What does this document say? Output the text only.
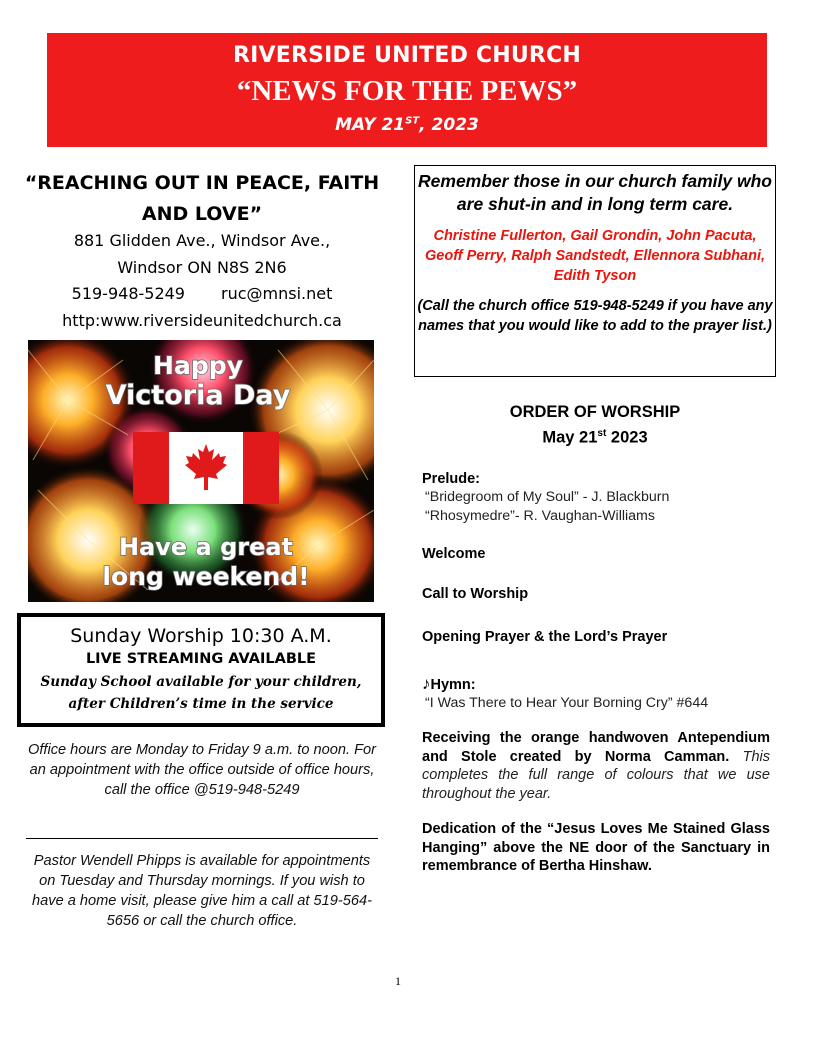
RIVERSIDE UNITED CHURCH
“NEWS FOR THE PEWS”
MAY 21ST, 2023
“REACHING OUT IN PEACE, FAITH AND LOVE”
881 Glidden Ave., Windsor Ave.,
Windsor ON N8S 2N6
519-948-5249 ruc@mnsi.net
http:www.riversideunitedchurch.ca
Happy
Victoria Day
Have a great
long weekend!
Sunday Worship 10:30 A.M.
LIVE STREAMING AVAILABLE
Sunday School available for your children,
after Children’s time in the service
Office hours are Monday to Friday 9 a.m. to noon. For an appointment with the office outside of office hours, call the office @519-948-5249
Pastor Wendell Phipps is available for appointments on Tuesday and Thursday mornings. If you wish to have a home visit, please give him a call at 519-564-5656 or call the church office.
Remember those in our church family who are shut-in and in long term care.
Christine Fullerton, Gail Grondin, John Pacuta, Geoff Perry, Ralph Sandstedt, Ellennora Subhani, Edith Tyson
(Call the church office 519-948-5249 if you have any names that you would like to add to the prayer list.)
ORDER OF WORSHIP
May 21st 2023
Prelude:
“Bridegroom of My Soul” - J. Blackburn
“Rhosymedre”- R. Vaughan-Williams
Welcome
Call to Worship
Opening Prayer & the Lord’s Prayer
♪Hymn:
“I Was There to Hear Your Borning Cry” #644
Receiving the orange handwoven Antependium and Stole created by Norma Camman. This completes the full range of colours that we use throughout the year.
Dedication of the “Jesus Loves Me Stained Glass Hanging” above the NE door of the Sanctuary in remembrance of Bertha Hinshaw.
1
